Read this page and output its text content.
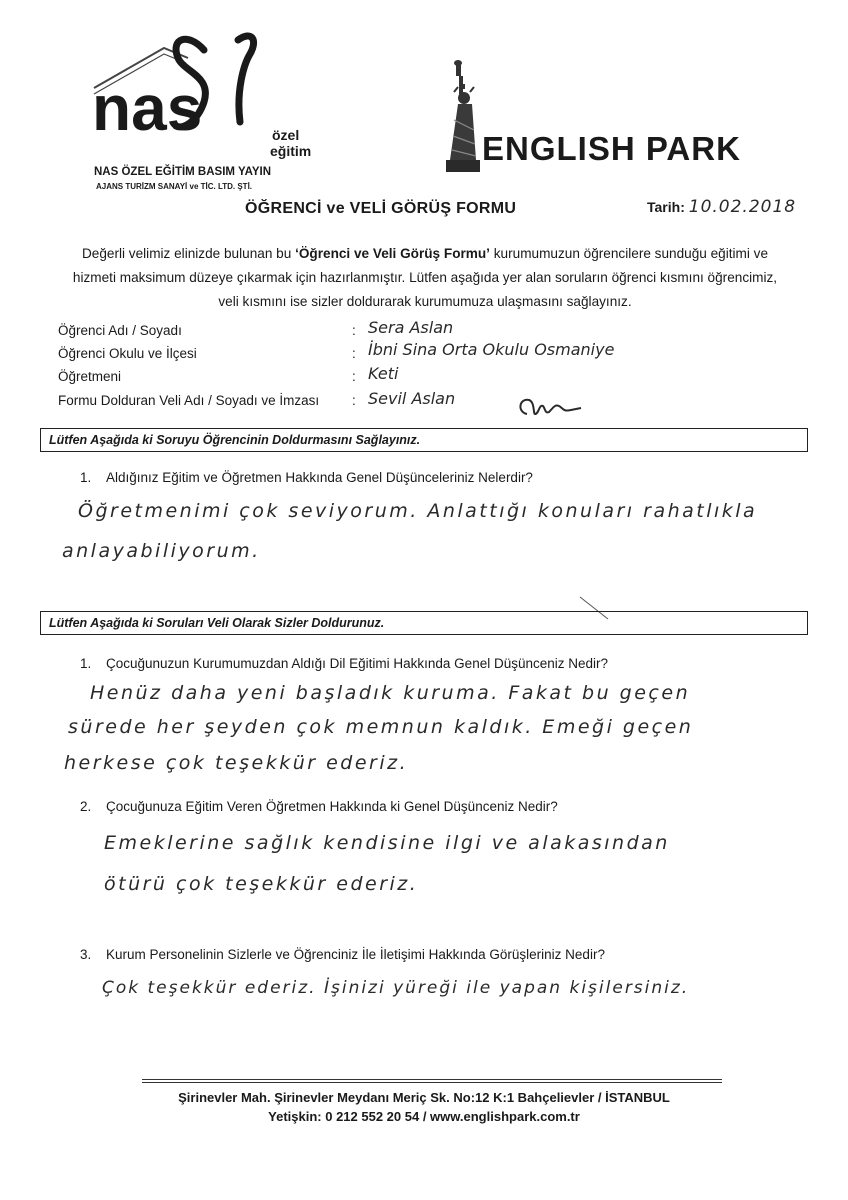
nas	özel
eğitim
NAS ÖZEL EĞİTİM BASIM YAYIN
AJANS TURİZM SANAYİ ve TİC. LTD. ŞTİ.
ENGLISH PARK
ÖĞRENCİ ve VELİ GÖRÜŞ FORMU	Tarih: 10.02.2018
Değerli velimiz elinizde bulunan bu ‘Öğrenci ve Veli Görüş Formu’ kurumumuzun öğrencilere sunduğu eğitimi ve
hizmeti maksimum düzeye çıkarmak için hazırlanmıştır. Lütfen aşağıda yer alan soruların öğrenci kısmını öğrencimiz,
veli kısmını ise sizler doldurarak kurumumuza ulaşmasını sağlayınız.
Öğrenci Adı / Soyadı	: Sera Aslan
Öğrenci Okulu ve İlçesi	: İbni Sina Orta Okulu Osmaniye
Öğretmeni	: Keti
Formu Dolduran Veli Adı / Soyadı ve İmzası : Sevil Aslan
Lütfen Aşağıda ki Soruyu Öğrencinin Doldurmasını Sağlayınız.
1. Aldığınız Eğitim ve Öğretmen Hakkında Genel Düşünceleriniz Nelerdir?
Öğretmenimi çok seviyorum. Anlattığı konuları rahatlıkla
anlayabiliyorum.
Lütfen Aşağıda ki Soruları Veli Olarak Sizler Doldurunuz.
1. Çocuğunuzun Kurumumuzdan Aldığı Dil Eğitimi Hakkında Genel Düşünceniz Nedir?
Henüz daha yeni başladık kuruma. Fakat bu geçen
sürede her şeyden çok memnun kaldık. Emeği geçen
herkese çok teşekkür ederiz.
2. Çocuğunuza Eğitim Veren Öğretmen Hakkında ki Genel Düşünceniz Nedir?
Emeklerine sağlık kendisine ilgi ve alakasından
ötürü çok teşekkür ederiz.
3. Kurum Personelinin Sizlerle ve Öğrenciniz İle İletişimi Hakkında Görüşleriniz Nedir?
Çok teşekkür ederiz. İşinizi yüreği ile yapan kişilersiniz.
Şirinevler Mah. Şirinevler Meydanı Meriç Sk. No:12 K:1 Bahçelievler / İSTANBUL
Yetişkin: 0 212 552 20 54 / www.englishpark.com.tr
